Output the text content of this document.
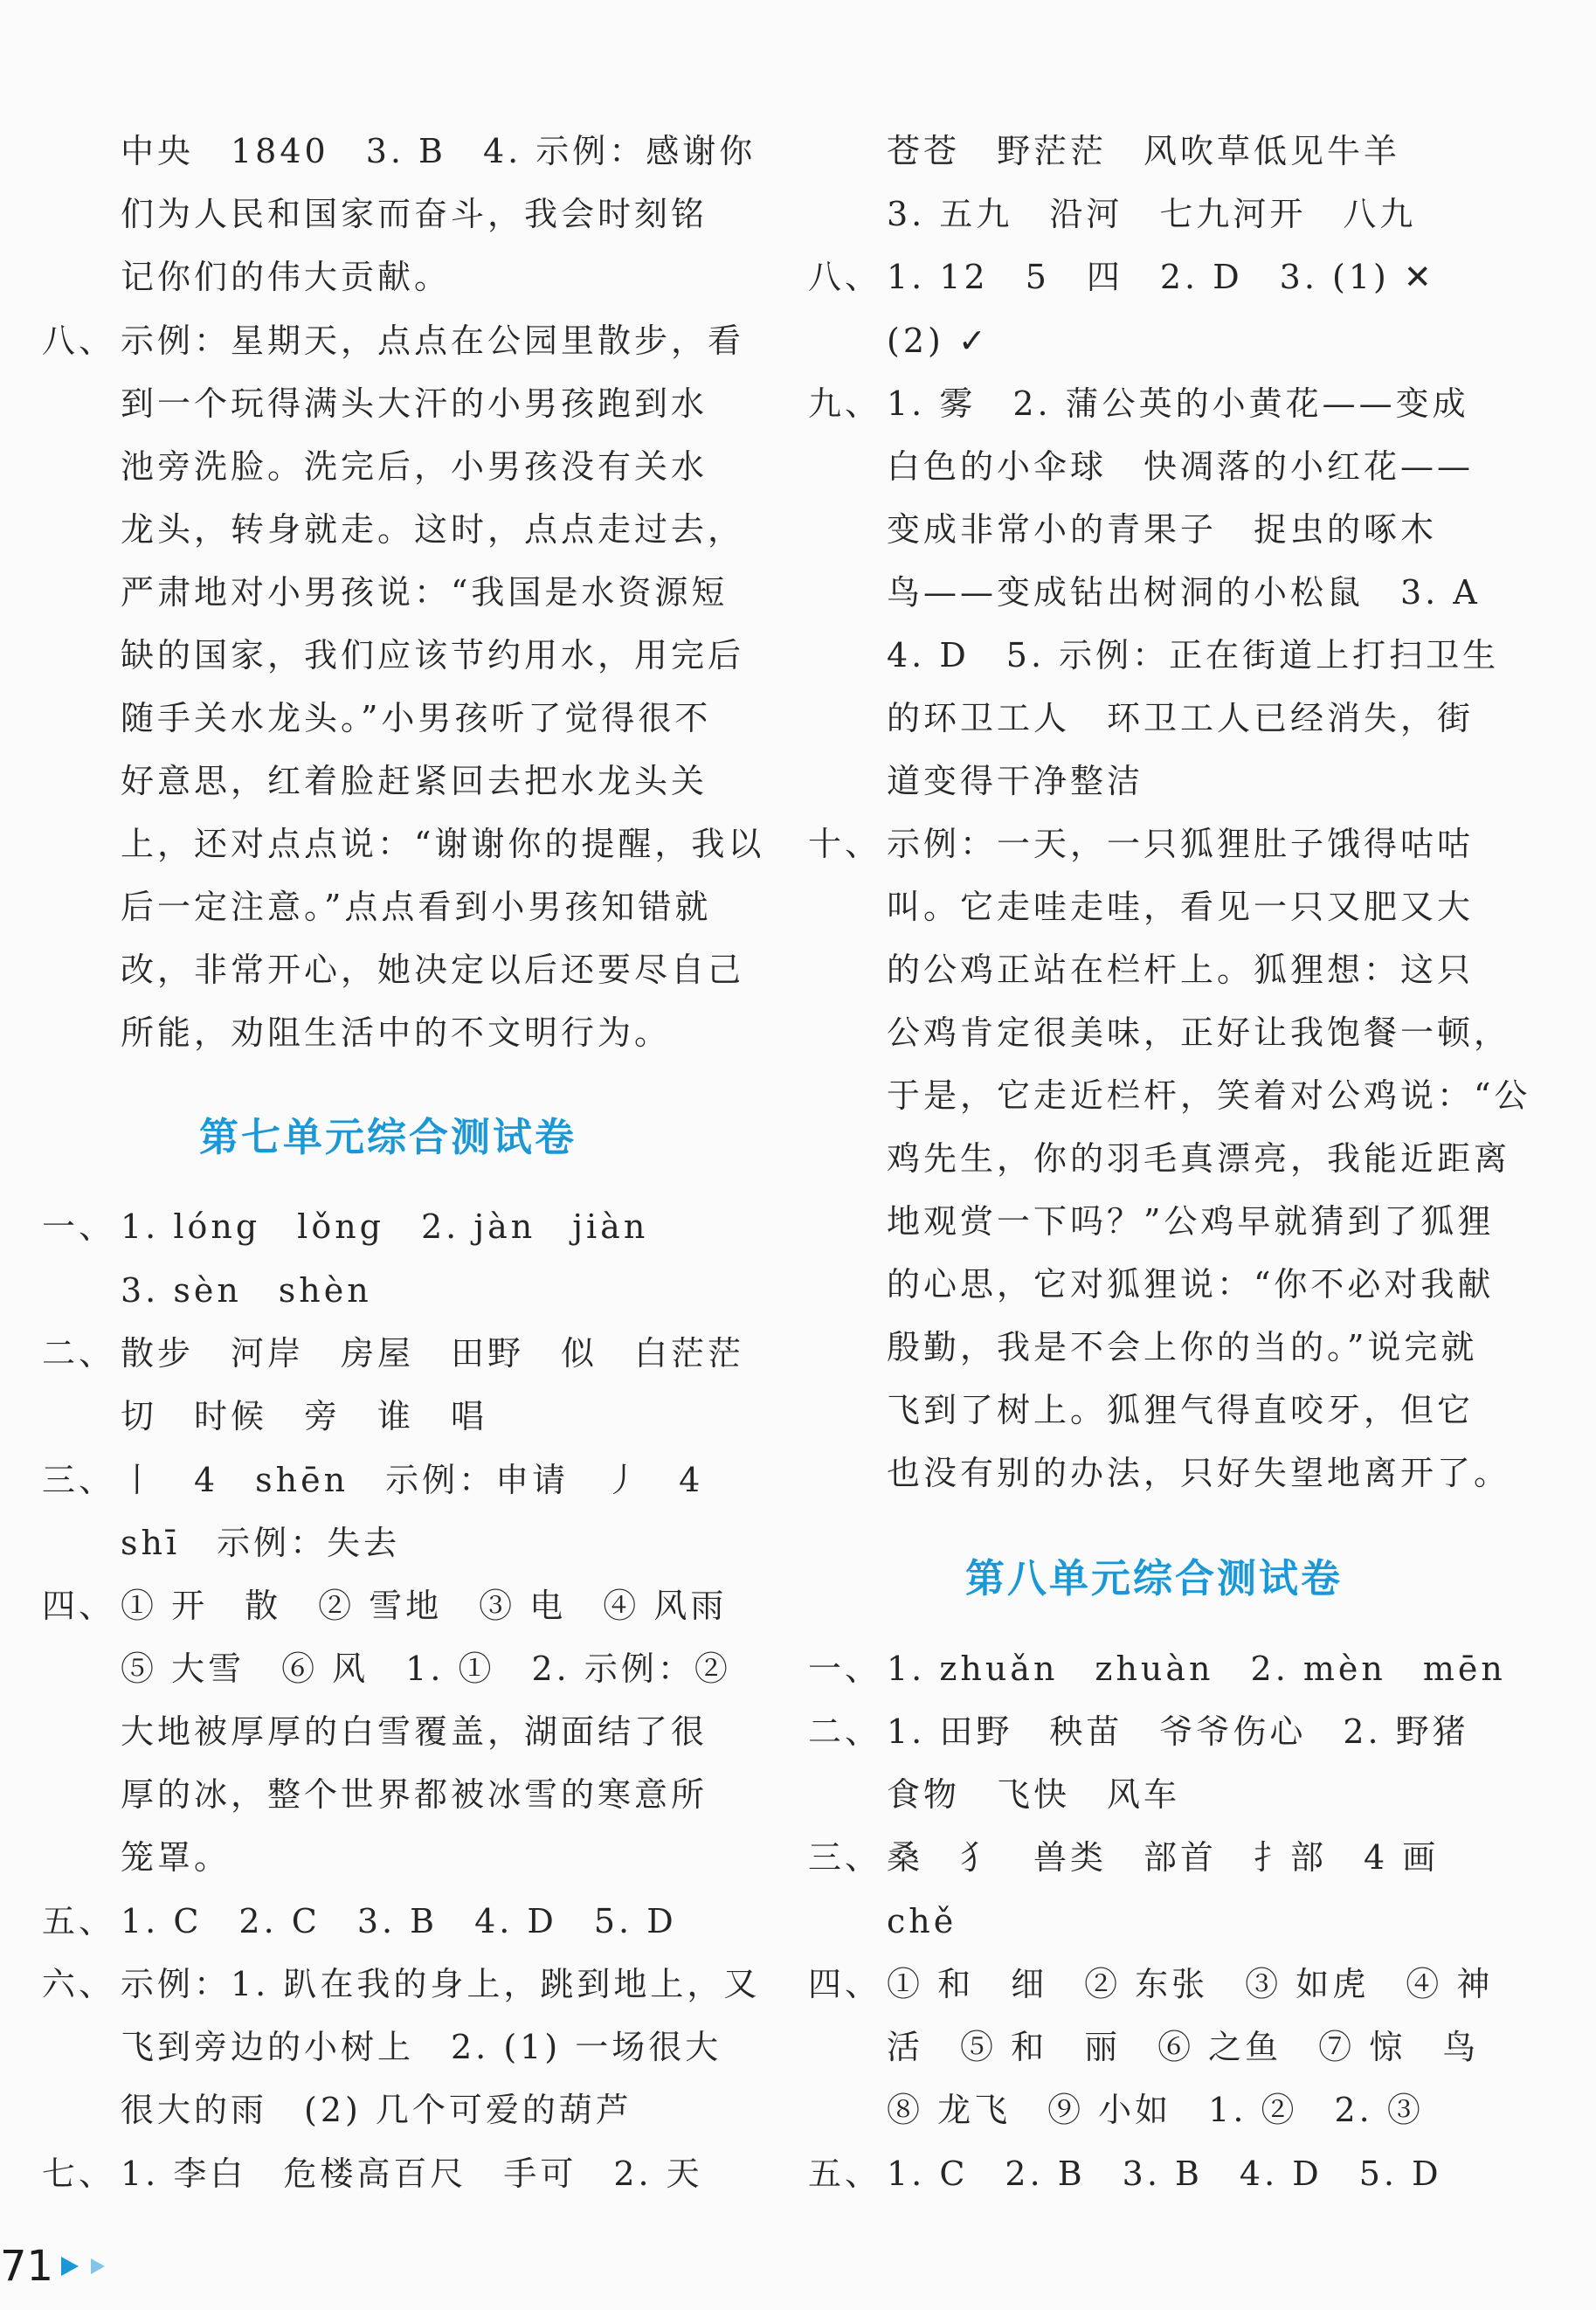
中央　1840　3. B　4. 示例：感谢你
们为人民和国家而奋斗，我会时刻铭
记你们的伟大贡献。
八、 示例：星期天，点点在公园里散步，看
到一个玩得满头大汗的小男孩跑到水
池旁洗脸。洗完后，小男孩没有关水
龙头，转身就走。这时，点点走过去，
严肃地对小男孩说：“我国是水资源短
缺的国家，我们应该节约用水，用完后
随手关水龙头。”小男孩听了觉得很不
好意思，红着脸赶紧回去把水龙头关
上，还对点点说：“谢谢你的提醒，我以
后一定注意。”点点看到小男孩知错就
改，非常开心，她决定以后还要尽自己
所能，劝阻生活中的不文明行为。
第七单元综合测试卷
一、 1. lóng　lǒng　2. jàn　jiàn
3. sèn　shèn
二、 散步　河岸　房屋　田野　似　白茫茫
切　时候　旁　谁　唱
三、 丨　4　shēn　示例：申请　丿　4
shī　示例：失去
四、 ① 开　散　② 雪地　③ 电　④ 风雨
⑤ 大雪　⑥ 风　1. ①　2. 示例：②
大地被厚厚的白雪覆盖，湖面结了很
厚的冰，整个世界都被冰雪的寒意所
笼罩。
五、 1. C　2. C　3. B　4. D　5. D
六、 示例：1. 趴在我的身上，跳到地上，又
飞到旁边的小树上　2. (1) 一场很大
很大的雨　(2) 几个可爱的葫芦
七、 1. 李白　危楼高百尺　手可　2. 天
苍苍　野茫茫　风吹草低见牛羊
3. 五九　沿河　七九河开　八九
八、 1. 12　5　四　2. D　3. (1) ✕
(2) ✓
九、 1. 雾　2. 蒲公英的小黄花——变成
白色的小伞球　快凋落的小红花——
变成非常小的青果子　捉虫的啄木
鸟——变成钻出树洞的小松鼠　3. A
4. D　5. 示例：正在街道上打扫卫生
的环卫工人　环卫工人已经消失，街
道变得干净整洁
十、 示例：一天，一只狐狸肚子饿得咕咕
叫。它走哇走哇，看见一只又肥又大
的公鸡正站在栏杆上。狐狸想：这只
公鸡肯定很美味，正好让我饱餐一顿，
于是，它走近栏杆，笑着对公鸡说：“公
鸡先生，你的羽毛真漂亮，我能近距离
地观赏一下吗？”公鸡早就猜到了狐狸
的心思，它对狐狸说：“你不必对我献
殷勤，我是不会上你的当的。”说完就
飞到了树上。狐狸气得直咬牙，但它
也没有别的办法，只好失望地离开了。
第八单元综合测试卷
一、 1. zhuǎn　zhuàn　2. mèn　mēn
二、 1. 田野　秧苗　爷爷伤心　2. 野猪
食物　飞快　风车
三、 桑　犭　兽类　部首　扌部　4 画
chě
四、 ① 和　细　② 东张　③ 如虎　④ 神
活　⑤ 和　丽　⑥ 之鱼　⑦ 惊　鸟
⑧ 龙飞　⑨ 小如　1. ②　2. ③
五、 1. C　2. B　3. B　4. D　5. D
71
